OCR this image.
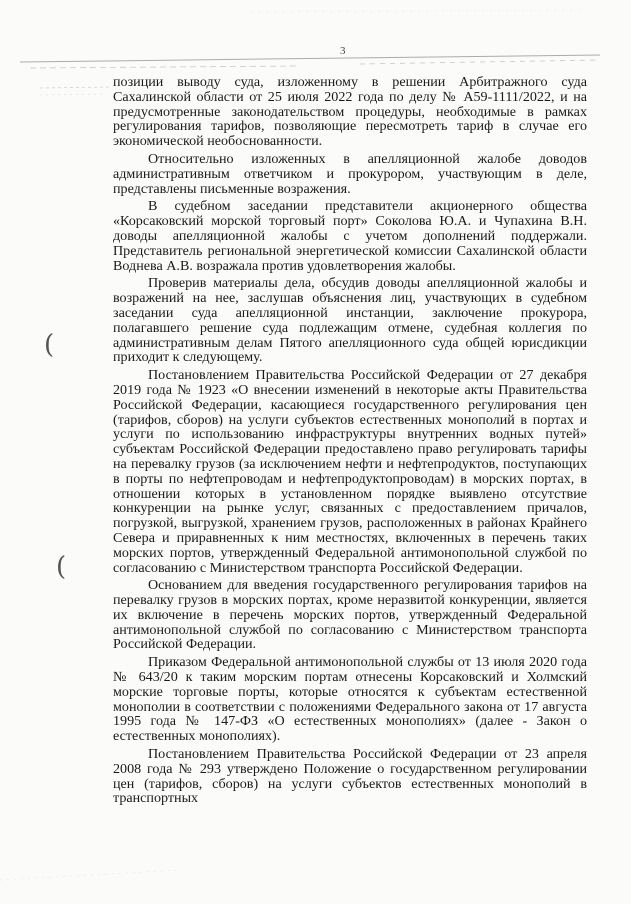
3
(
(

позиции выводу суда, изложенному в решении Арбитражного суда Сахалинской области от 25 июля 2022 года по делу № А59-1111/2022, и на предусмотренные законодательством процедуры, необходимые в рамках регулирования тарифов, позволяющие пересмотреть тариф в случае его экономической необоснованности.

Относительно изложенных в апелляционной жалобе доводов административным ответчиком и прокурором, участвующим в деле, представлены письменные возражения.

В судебном заседании представители акционерного общества «Корсаковский морской торговый порт» Соколова Ю.А. и Чупахина В.Н. доводы апелляционной жалобы с учетом дополнений поддержали. Представитель региональной энергетической комиссии Сахалинской области Воднева А.В. возражала против удовлетворения жалобы.

Проверив материалы дела, обсудив доводы апелляционной жалобы и возражений на нее, заслушав объяснения лиц, участвующих в судебном заседании суда апелляционной инстанции, заключение прокурора, полагавшего решение суда подлежащим отмене, судебная коллегия по административным делам Пятого апелляционного суда общей юрисдикции приходит к следующему.

Постановлением Правительства Российской Федерации от 27 декабря 2019 года № 1923 «О внесении изменений в некоторые акты Правительства Российской Федерации, касающиеся государственного регулирования цен (тарифов, сборов) на услуги субъектов естественных монополий в портах и услуги по использованию инфраструктуры внутренних водных путей» субъектам Российской Федерации предоставлено право регулировать тарифы на перевалку грузов (за исключением нефти и нефтепродуктов, поступающих в порты по нефтепроводам и нефтепродуктопроводам) в морских портах, в отношении которых в установленном порядке выявлено отсутствие конкуренции на рынке услуг, связанных с предоставлением причалов, погрузкой, выгрузкой, хранением грузов, расположенных в районах Крайнего Севера и приравненных к ним местностях, включенных в перечень таких морских портов, утвержденный Федеральной антимонопольной службой по согласованию с Министерством транспорта Российской Федерации.

Основанием для введения государственного регулирования тарифов на перевалку грузов в морских портах, кроме неразвитой конкуренции, является их включение в перечень морских портов, утвержденный Федеральной антимонопольной службой по согласованию с Министерством транспорта Российской Федерации.

Приказом Федеральной антимонопольной службы от 13 июля 2020 года № 643/20 к таким морским портам отнесены Корсаковский и Холмский морские торговые порты, которые относятся к субъектам естественной монополии в соответствии с положениями Федерального закона от 17 августа 1995 года № 147-ФЗ «О естественных монополиях» (далее - Закон о естественных монополиях).

Постановлением Правительства Российской Федерации от 23 апреля 2008 года № 293 утверждено Положение о государственном регулировании цен (тарифов, сборов) на услуги субъектов естественных монополий в транспортных
